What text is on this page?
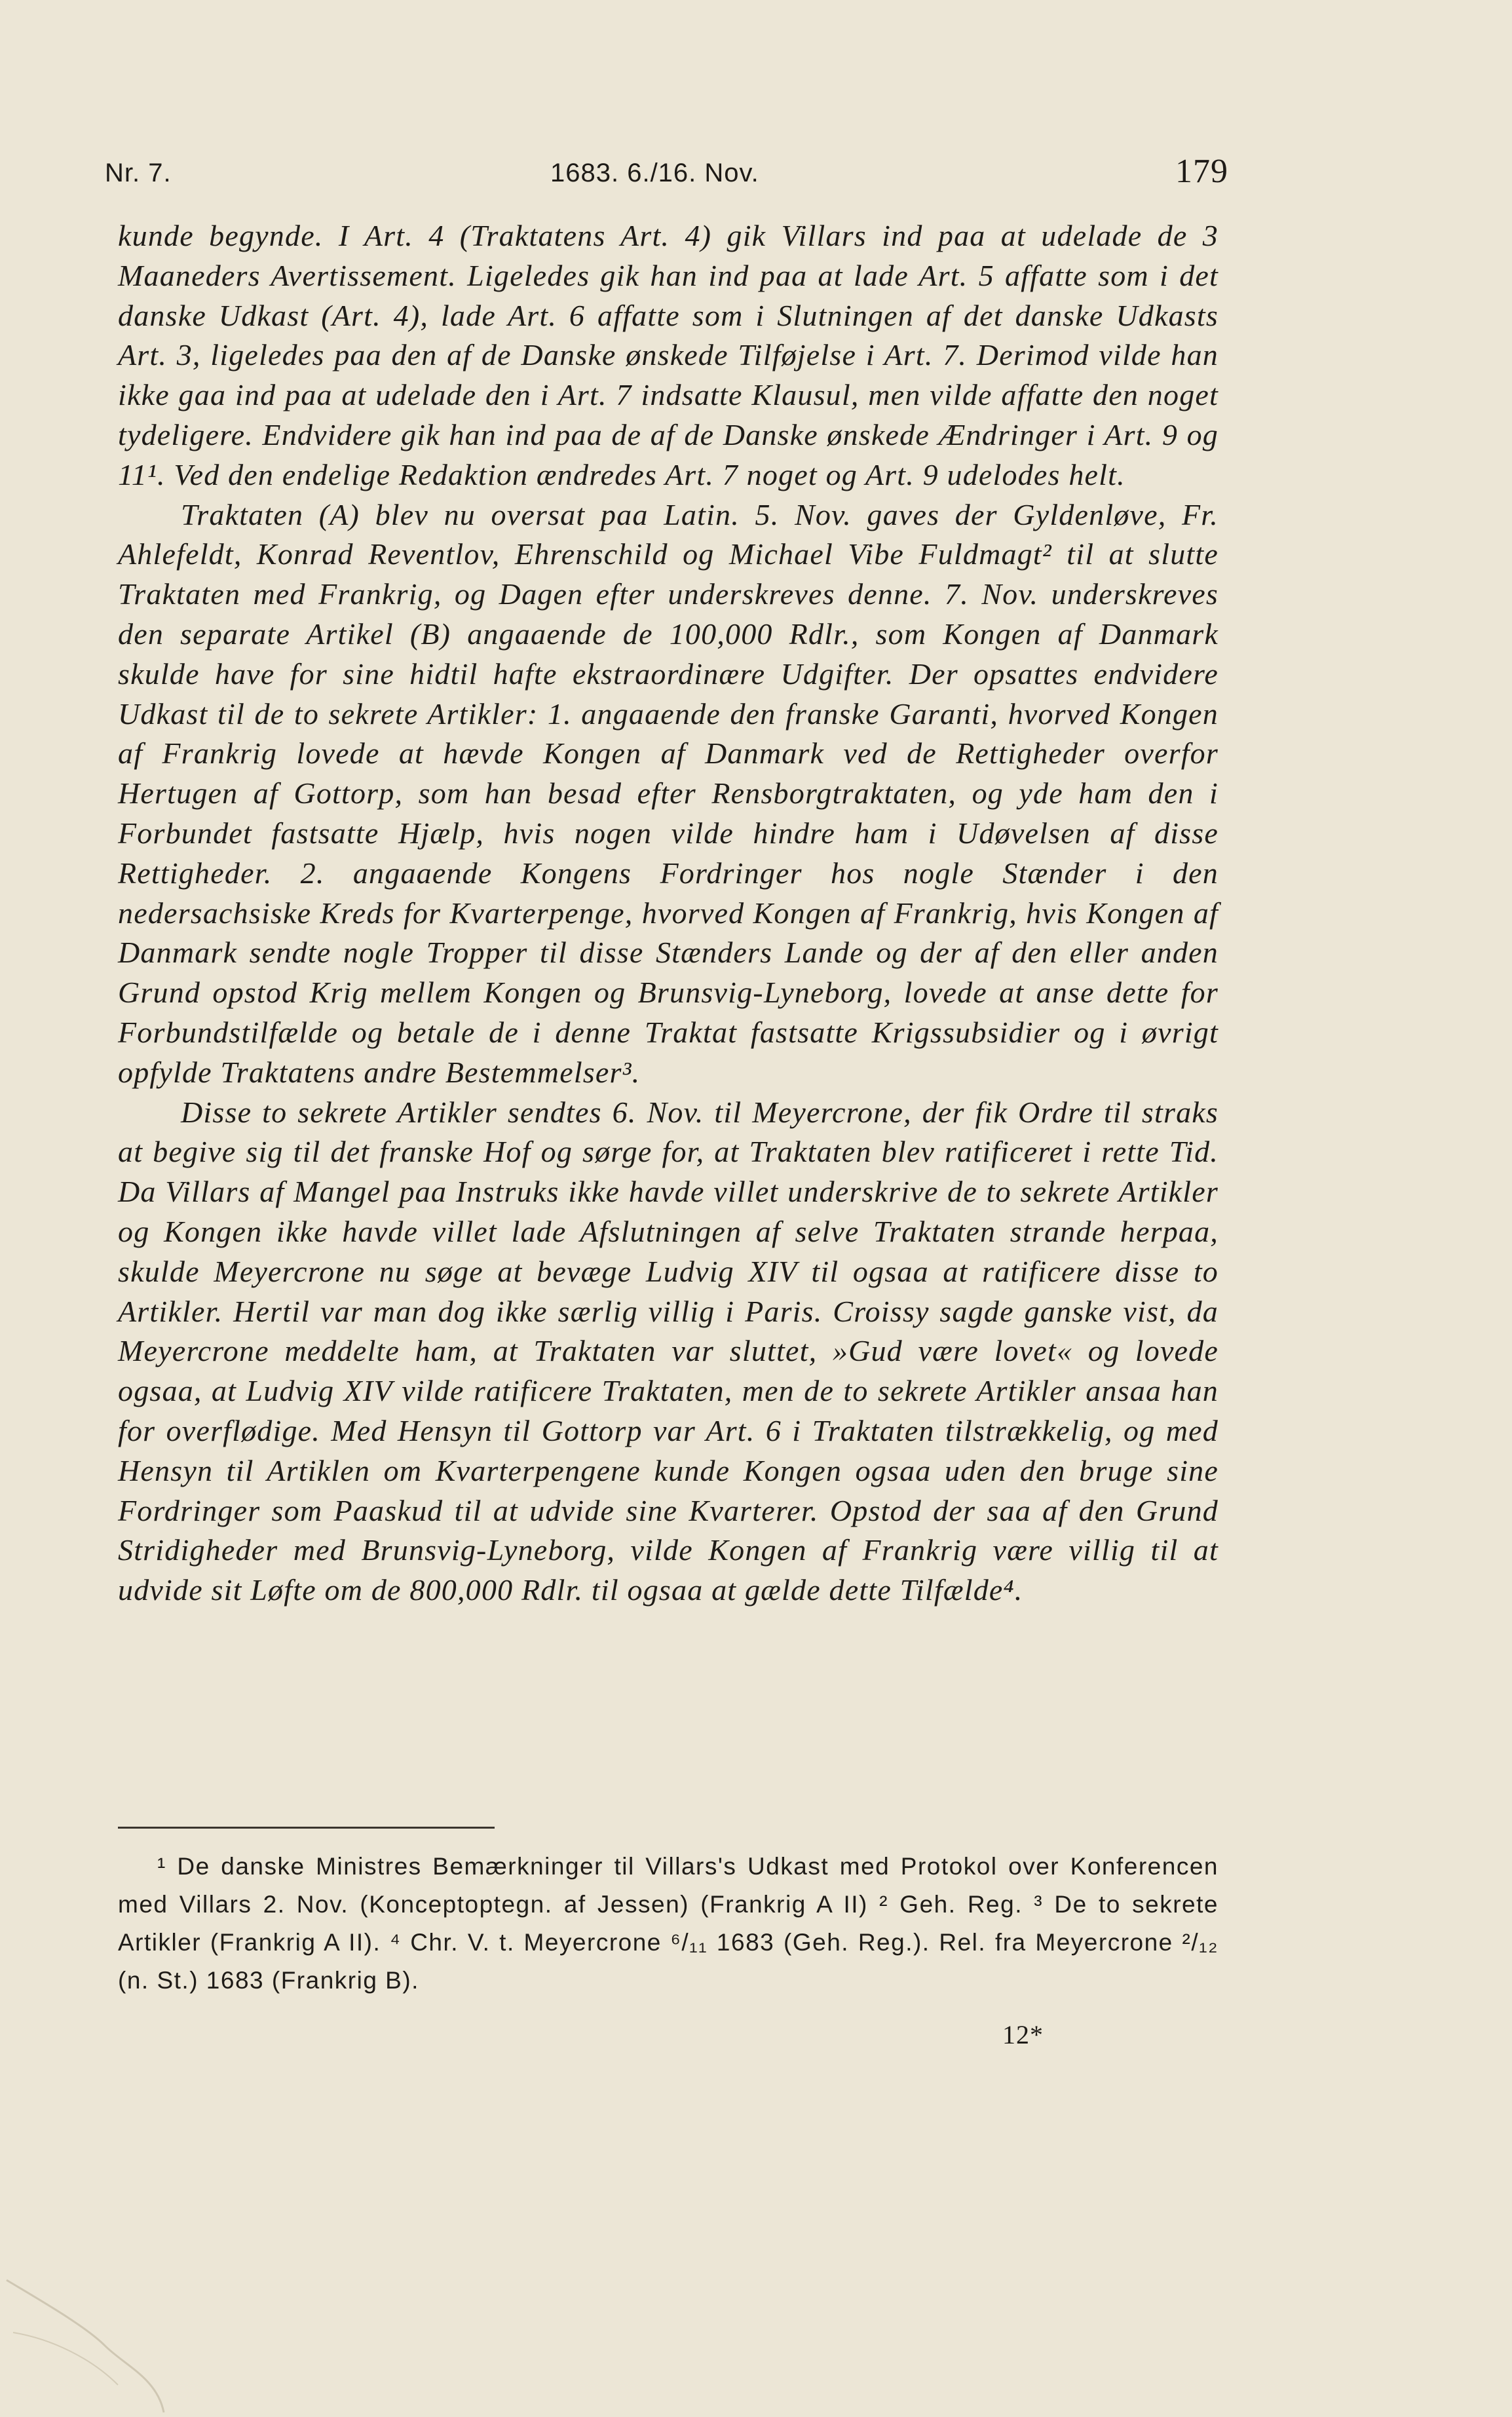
Nr. 7.	1683. 6./16. Nov.	179

kunde begynde. I Art. 4 (Traktatens Art. 4) gik Villars ind paa at udelade de 3 Maaneders Avertissement. Ligeledes gik han ind paa at lade Art. 5 affatte som i det danske Udkast (Art. 4), lade Art. 6 affatte som i Slutningen af det danske Udkasts Art. 3, ligeledes paa den af de Danske ønskede Tilføjelse i Art. 7. Derimod vilde han ikke gaa ind paa at udelade den i Art. 7 indsatte Klausul, men vilde affatte den noget tydeligere. Endvidere gik han ind paa de af de Danske ønskede Ændringer i Art. 9 og 11¹. Ved den endelige Redaktion ændredes Art. 7 noget og Art. 9 udelodes helt.

Traktaten (A) blev nu oversat paa Latin. 5. Nov. gaves der Gyldenløve, Fr. Ahlefeldt, Konrad Reventlov, Ehrenschild og Michael Vibe Fuldmagt² til at slutte Traktaten med Frankrig, og Dagen efter underskreves denne. 7. Nov. underskreves den separate Artikel (B) angaaende de 100,000 Rdlr., som Kongen af Danmark skulde have for sine hidtil hafte ekstraordinære Udgifter. Der opsattes endvidere Udkast til de to sekrete Artikler: 1. angaaende den franske Garanti, hvorved Kongen af Frankrig lovede at hævde Kongen af Danmark ved de Rettigheder overfor Hertugen af Gottorp, som han besad efter Rensborgtraktaten, og yde ham den i Forbundet fastsatte Hjælp, hvis nogen vilde hindre ham i Udøvelsen af disse Rettigheder. 2. angaaende Kongens Fordringer hos nogle Stænder i den nedersachsiske Kreds for Kvarterpenge, hvorved Kongen af Frankrig, hvis Kongen af Danmark sendte nogle Tropper til disse Stænders Lande og der af den eller anden Grund opstod Krig mellem Kongen og Brunsvig-Lyneborg, lovede at anse dette for Forbundstilfælde og betale de i denne Traktat fastsatte Krigssubsidier og i øvrigt opfylde Traktatens andre Bestemmelser³.

Disse to sekrete Artikler sendtes 6. Nov. til Meyercrone, der fik Ordre til straks at begive sig til det franske Hof og sørge for, at Traktaten blev ratificeret i rette Tid. Da Villars af Mangel paa Instruks ikke havde villet underskrive de to sekrete Artikler og Kongen ikke havde villet lade Afslutningen af selve Traktaten strande herpaa, skulde Meyercrone nu søge at bevæge Ludvig XIV til ogsaa at ratificere disse to Artikler. Hertil var man dog ikke særlig villig i Paris. Croissy sagde ganske vist, da Meyercrone meddelte ham, at Traktaten var sluttet, »Gud være lovet« og lovede ogsaa, at Ludvig XIV vilde ratificere Traktaten, men de to sekrete Artikler ansaa han for overflødige. Med Hensyn til Gottorp var Art. 6 i Traktaten tilstrækkelig, og med Hensyn til Artiklen om Kvarterpengene kunde Kongen ogsaa uden den bruge sine Fordringer som Paaskud til at udvide sine Kvarterer. Opstod der saa af den Grund Stridigheder med Brunsvig-Lyneborg, vilde Kongen af Frankrig være villig til at udvide sit Løfte om de 800,000 Rdlr. til ogsaa at gælde dette Tilfælde⁴.

¹ De danske Ministres Bemærkninger til Villars's Udkast med Protokol over Konferencen med Villars 2. Nov. (Konceptoptegn. af Jessen) (Frankrig A II) ² Geh. Reg. ³ De to sekrete Artikler (Frankrig A II). ⁴ Chr. V. t. Meyercrone ⁶/₁₁ 1683 (Geh. Reg.). Rel. fra Meyercrone ²/₁₂ (n. St.) 1683 (Frankrig B).

12*
